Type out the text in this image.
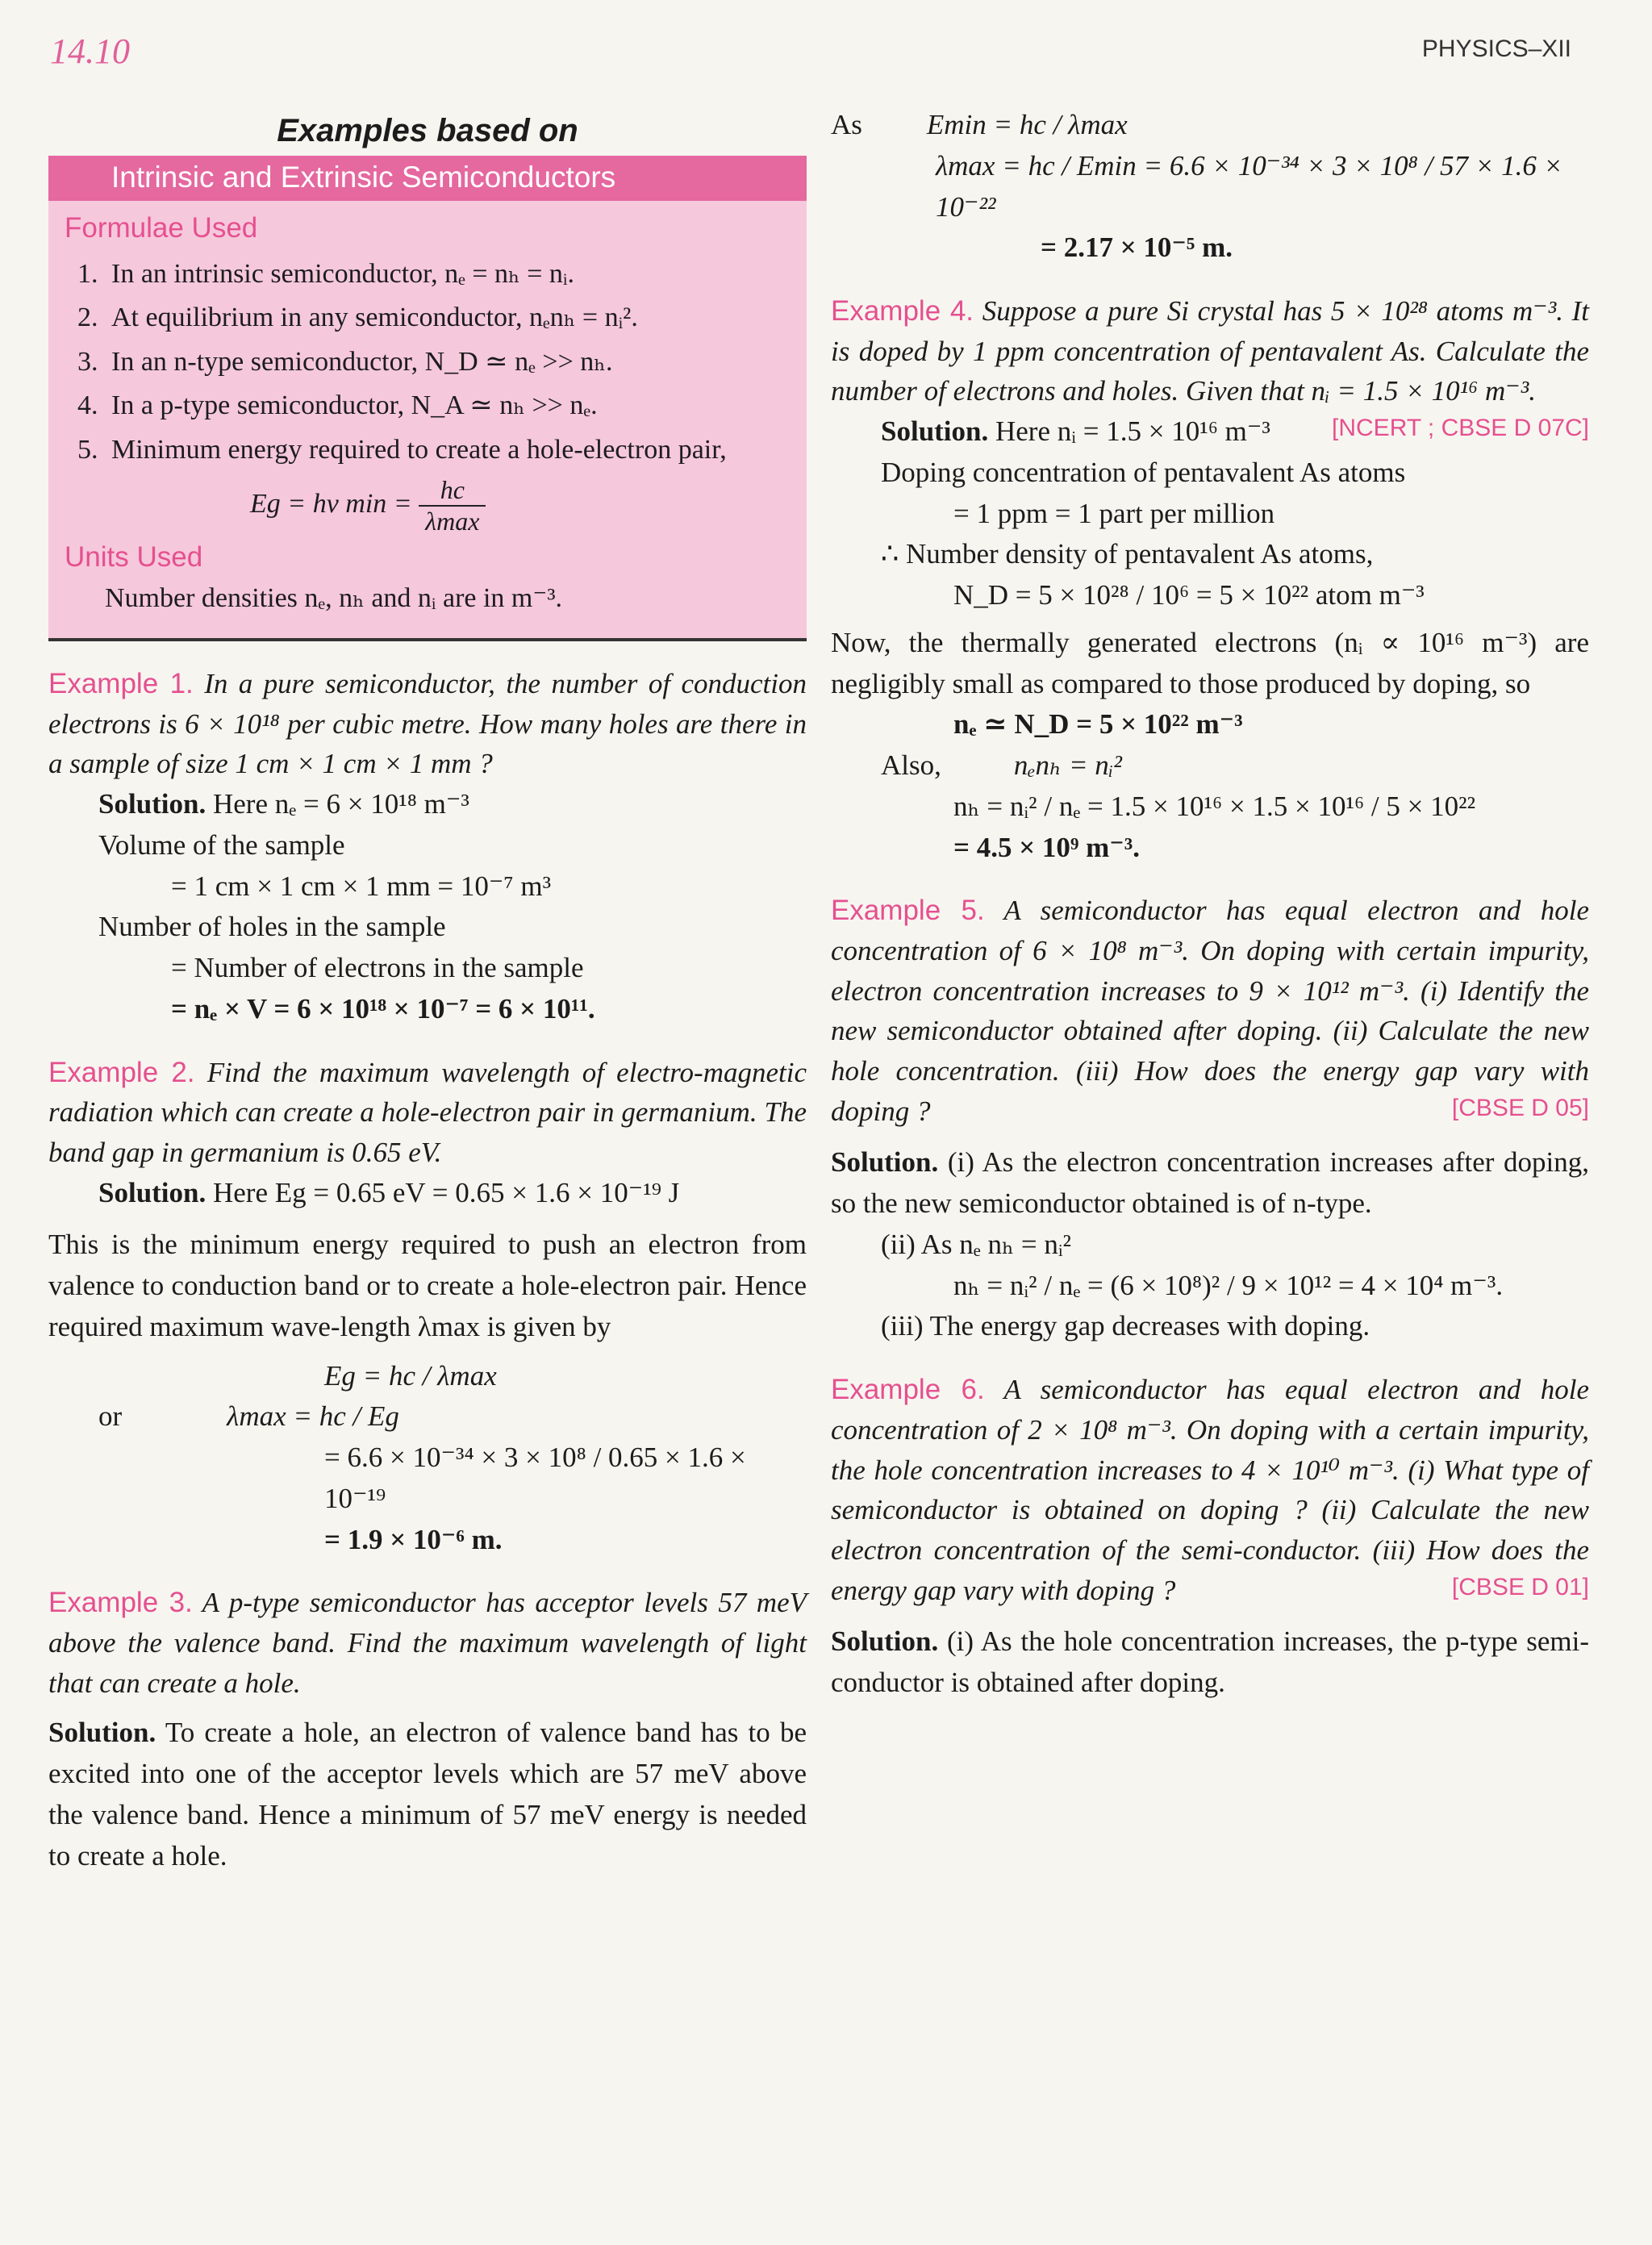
14.10	PHYSICS–XII
Examples based on
Intrinsic and Extrinsic Semiconductors
Formulae Used
1. In an intrinsic semiconductor, nₑ = nₕ = nᵢ.
2. At equilibrium in any semiconductor, nₑnₕ = nᵢ².
3. In an n-type semiconductor, N_D ≃ nₑ >> nₕ.
4. In a p-type semiconductor, N_A ≃ nₕ >> nₑ.
5. Minimum energy required to create a hole-electron pair,
Eg = hν min =	hc
λmax
Units Used
Number densities nₑ, nₕ and nᵢ are in m⁻³.
Example 1. In a pure semiconductor, the number of conduction electrons is 6 × 10¹⁸ per cubic metre. How many holes are there in a sample of size 1 cm × 1 cm × 1 mm ?
Solution. Here nₑ = 6 × 10¹⁸ m⁻³
Volume of the sample
= 1 cm × 1 cm × 1 mm = 10⁻⁷ m³
Number of holes in the sample
= Number of electrons in the sample
= nₑ × V = 6 × 10¹⁸ × 10⁻⁷ = 6 × 10¹¹.
Example 2. Find the maximum wavelength of electro-magnetic radiation which can create a hole-electron pair in germanium. The band gap in germanium is 0.65 eV.
Solution. Here Eg = 0.65 eV = 0.65 × 1.6 × 10⁻¹⁹ J
This is the minimum energy required to push an electron from valence to conduction band or to create a hole-electron pair. Hence required maximum wave-length λmax is given by
Eg = hc / λmax
or	λmax = hc / Eg
= 6.6 × 10⁻³⁴ × 3 × 10⁸ / 0.65 × 1.6 × 10⁻¹⁹
= 1.9 × 10⁻⁶ m.
Example 3. A p-type semiconductor has acceptor levels 57 meV above the valence band. Find the maximum wavelength of light that can create a hole.
Solution. To create a hole, an electron of valence band has to be excited into one of the acceptor levels which are 57 meV above the valence band. Hence a minimum of 57 meV energy is needed to create a hole.
As Emin = hc / λmax
λmax = hc / Emin = 6.6 × 10⁻³⁴ × 3 × 10⁸ / 57 × 1.6 × 10⁻²²
= 2.17 × 10⁻⁵ m.
Example 4. Suppose a pure Si crystal has 5 × 10²⁸ atoms m⁻³. It is doped by 1 ppm concentration of pentavalent As. Calculate the number of electrons and holes. Given that nᵢ = 1.5 × 10¹⁶ m⁻³.
[NCERT ; CBSE D 07C]
Solution. Here nᵢ = 1.5 × 10¹⁶ m⁻³
Doping concentration of pentavalent As atoms
= 1 ppm = 1 part per million
∴ Number density of pentavalent As atoms,
N_D = 5 × 10²⁸ / 10⁶ = 5 × 10²² atom m⁻³
Now, the thermally generated electrons (nᵢ ∝ 10¹⁶ m⁻³) are negligibly small as compared to those produced by doping, so
nₑ ≃ N_D = 5 × 10²² m⁻³
Also,	nₑnₕ = nᵢ²
nₕ = nᵢ² / nₑ = 1.5 × 10¹⁶ × 1.5 × 10¹⁶ / 5 × 10²²
= 4.5 × 10⁹ m⁻³.
Example 5. A semiconductor has equal electron and hole concentration of 6 × 10⁸ m⁻³. On doping with certain impurity, electron concentration increases to 9 × 10¹² m⁻³. (i) Identify the new semiconductor obtained after doping. (ii) Calculate the new hole concentration. (iii) How does the energy gap vary with doping ?	[CBSE D 05]
Solution. (i) As the electron concentration increases after doping, so the new semiconductor obtained is of n-type.
(ii) As nₑ nₕ = nᵢ²
nₕ = nᵢ² / nₑ = (6 × 10⁸)² / 9 × 10¹² = 4 × 10⁴ m⁻³.
(iii) The energy gap decreases with doping.
Example 6. A semiconductor has equal electron and hole concentration of 2 × 10⁸ m⁻³. On doping with a certain impurity, the hole concentration increases to 4 × 10¹⁰ m⁻³. (i) What type of semiconductor is obtained on doping ? (ii) Calculate the new electron concentration of the semi-conductor. (iii) How does the energy gap vary with doping ?	[CBSE D 01]
Solution. (i) As the hole concentration increases, the p-type semi-conductor is obtained after doping.
